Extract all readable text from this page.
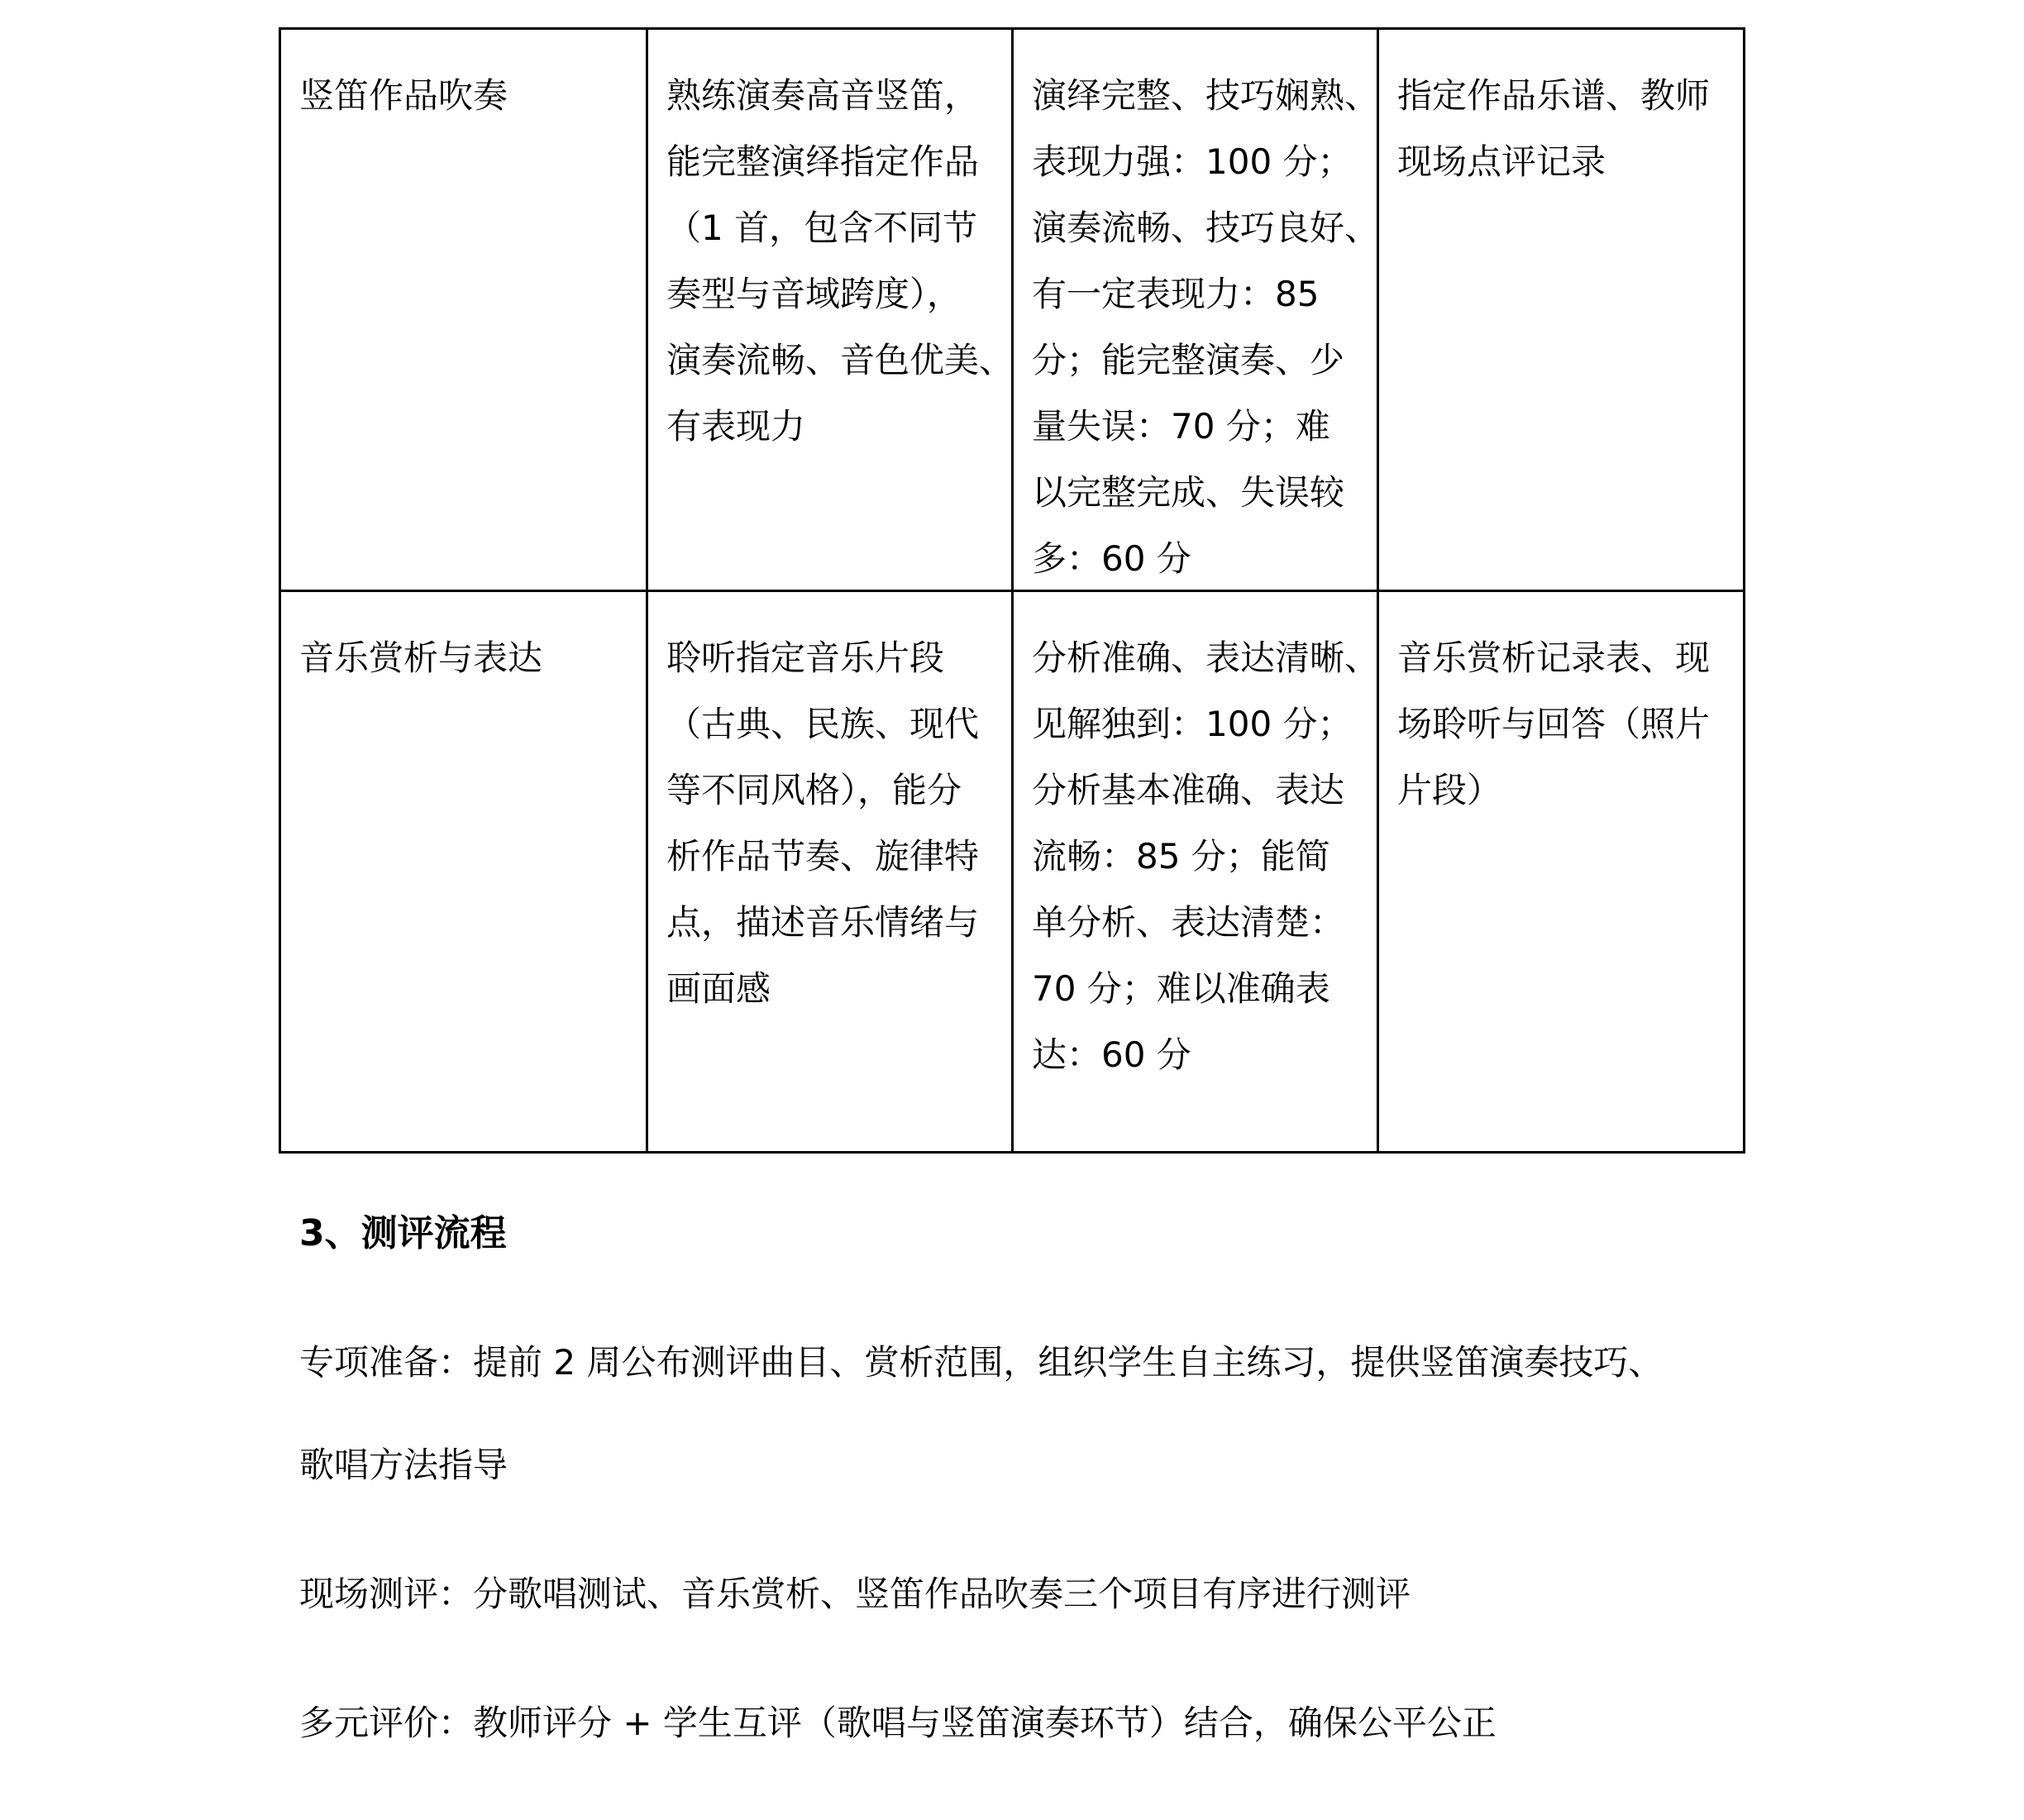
竖笛作品吹奏	熟练演奏高音竖笛，
能完整演绎指定作品
（1 首，包含不同节
奏型与音域跨度），
演奏流畅、音色优美、
有表现力
演绎完整、技巧娴熟、
表现力强：100 分；
演奏流畅、技巧良好、
有一定表现力：85
分；能完整演奏、少
量失误：70 分；难
以完整完成、失误较
多：60 分
指定作品乐谱、教师
现场点评记录
音乐赏析与表达	聆听指定音乐片段
（古典、民族、现代
等不同风格），能分
析作品节奏、旋律特
点，描述音乐情绪与
画面感
分析准确、表达清晰、
见解独到：100 分；
分析基本准确、表达
流畅：85 分；能简
单分析、表达清楚：
70 分；难以准确表
达：60 分
音乐赏析记录表、现
场聆听与回答（照片
片段）
3、测评流程
专项准备：提前 2 周公布测评曲目、赏析范围，组织学生自主练习，提供竖笛演奏技巧、
歌唱方法指导
现场测评：分歌唱测试、音乐赏析、竖笛作品吹奏三个项目有序进行测评
多元评价：教师评分 + 学生互评（歌唱与竖笛演奏环节）结合，确保公平公正
